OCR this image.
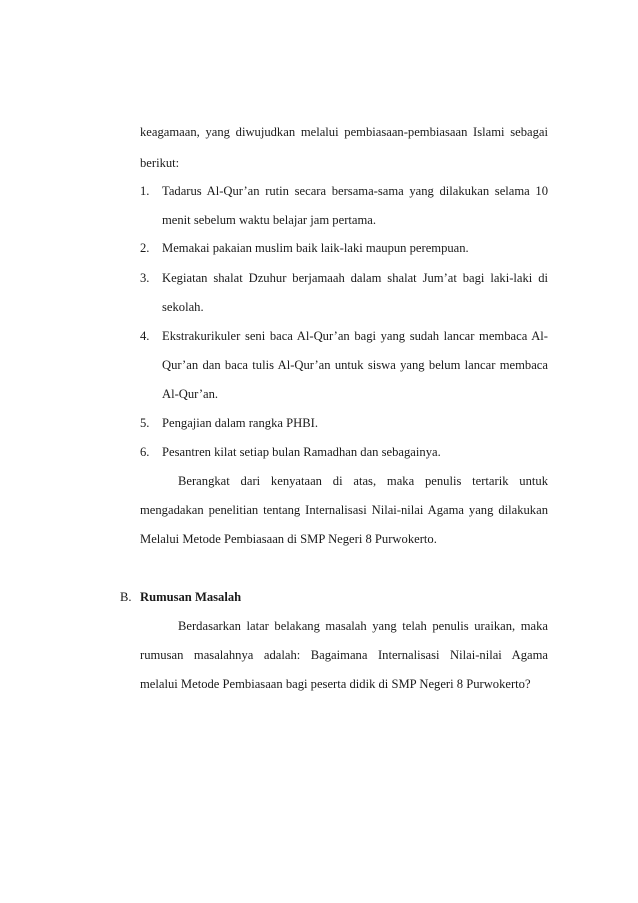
keagamaan, yang diwujudkan melalui pembiasaan-pembiasaan Islami sebagai
berikut:
1. Tadarus Al-Qur’an rutin secara bersama-sama yang dilakukan selama 10
menit sebelum waktu belajar jam pertama.
2. Memakai pakaian muslim baik laik-laki maupun perempuan.
3. Kegiatan shalat Dzuhur berjamaah dalam shalat Jum’at bagi laki-laki di
sekolah.
4. Ekstrakurikuler seni baca Al-Qur’an bagi yang sudah lancar membaca Al-
Qur’an dan baca tulis Al-Qur’an untuk siswa yang belum lancar membaca
Al-Qur’an.
5. Pengajian dalam rangka PHBI.
6. Pesantren kilat setiap bulan Ramadhan dan sebagainya.
Berangkat dari kenyataan di atas, maka penulis tertarik untuk
mengadakan penelitian tentang Internalisasi Nilai-nilai Agama yang dilakukan
Melalui Metode Pembiasaan di SMP Negeri 8 Purwokerto.
B. Rumusan Masalah
Berdasarkan latar belakang masalah yang telah penulis uraikan, maka
rumusan masalahnya adalah: Bagaimana Internalisasi Nilai-nilai Agama
melalui Metode Pembiasaan bagi peserta didik di SMP Negeri 8 Purwokerto?
